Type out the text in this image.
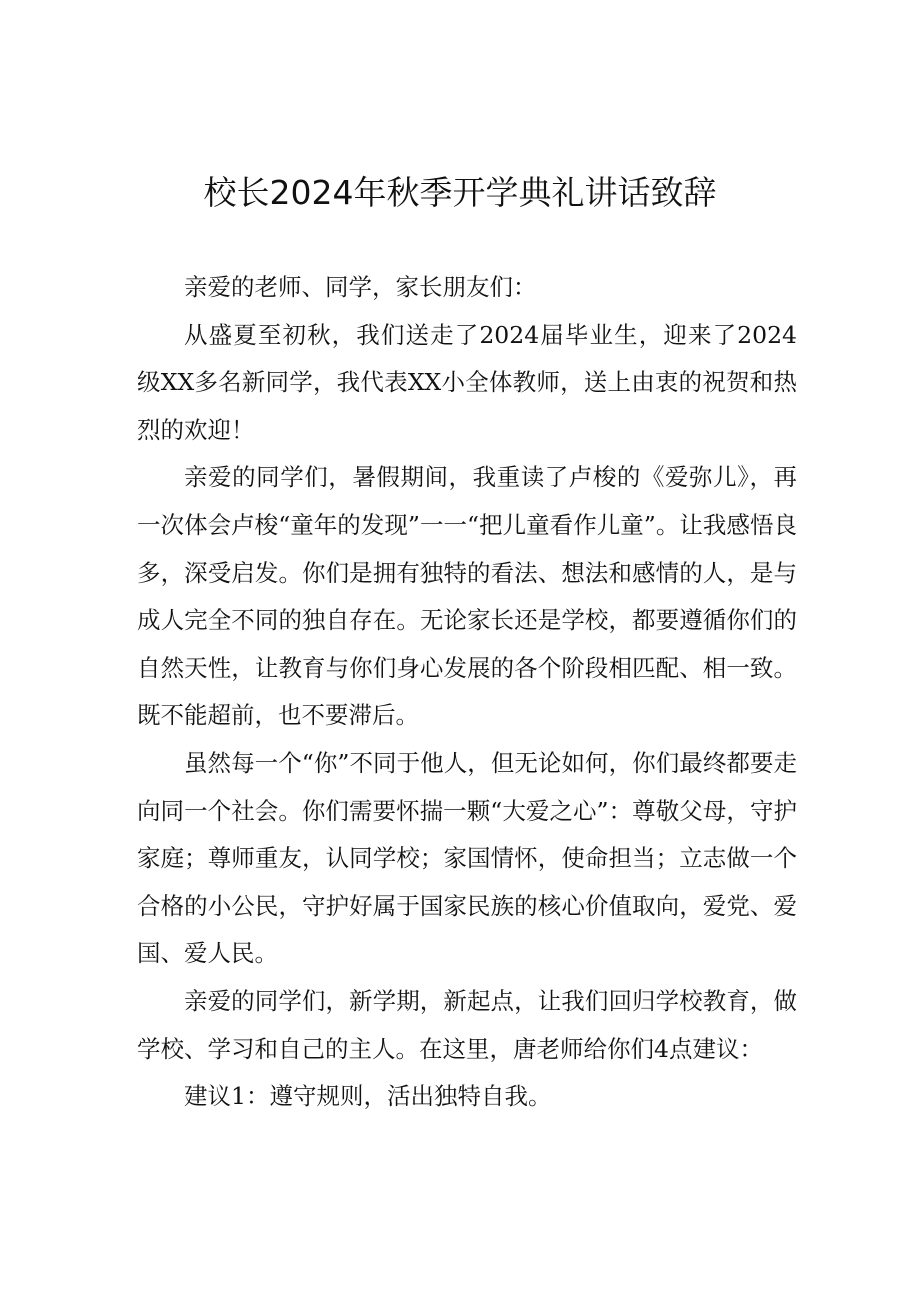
校长2024年秋季开学典礼讲话致辞

亲爱的老师、同学，家长朋友们：

从盛夏至初秋，我们送走了2024届毕业生，迎来了2024级XX多名新同学，我代表XX小全体教师，送上由衷的祝贺和热烈的欢迎！

亲爱的同学们，暑假期间，我重读了卢梭的《爱弥儿》，再一次体会卢梭“童年的发现”一一“把儿童看作儿童”。让我感悟良多，深受启发。你们是拥有独特的看法、想法和感情的人，是与成人完全不同的独自存在。无论家长还是学校，都要遵循你们的自然天性，让教育与你们身心发展的各个阶段相匹配、相一致。既不能超前，也不要滞后。

虽然每一个“你”不同于他人，但无论如何，你们最终都要走向同一个社会。你们需要怀揣一颗“大爱之心”：尊敬父母，守护家庭；尊师重友，认同学校；家国情怀，使命担当；立志做一个合格的小公民，守护好属于国家民族的核心价值取向，爱党、爱国、爱人民。

亲爱的同学们，新学期，新起点，让我们回归学校教育，做学校、学习和自己的主人。在这里，唐老师给你们4点建议：

建议1：遵守规则，活出独特自我。
